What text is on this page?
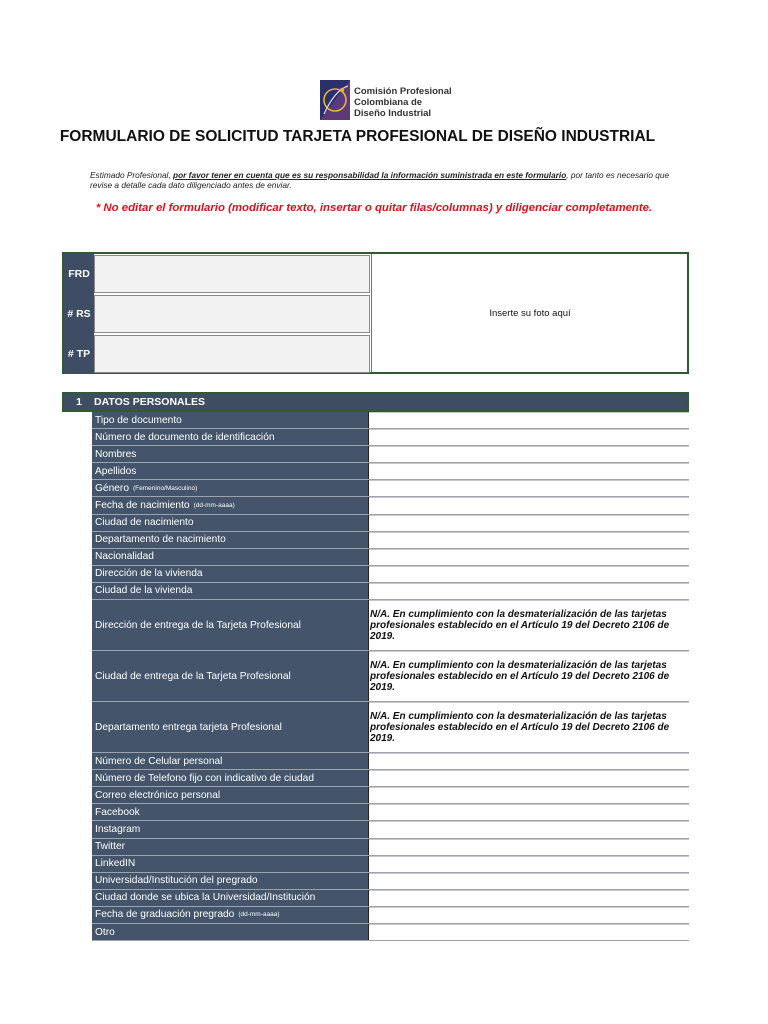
Comisión Profesional
Colombiana de
Diseño Industrial
FORMULARIO DE SOLICITUD TARJETA PROFESIONAL DE DISEÑO INDUSTRIAL
Estimado Profesional, por favor tener en cuenta que es su responsabilidad la información suministrada en este formulario, por tanto es necesario que revise a detalle cada dato diligenciado antes de enviar.
* No editar el formulario (modificar texto, insertar o quitar filas/columnas) y diligenciar completamente.
FRD
# RS
# TP
Inserte su foto aquí
1	DATOS PERSONALES
Tipo de documento
Número de documento de identificación
Nombres
Apellidos
Género (Femenino/Masculino)
Fecha de nacimiento (dd-mm-aaaa)
Ciudad de nacimiento
Departamento de nacimiento
Nacionalidad
Dirección de la vivienda
Ciudad de la vivienda
Dirección de entrega de la Tarjeta Profesional
N/A. En cumplimiento con la desmaterialización de las tarjetas profesionales establecido en el Artículo 19 del Decreto 2106 de 2019.
Ciudad de entrega de la Tarjeta Profesional
N/A. En cumplimiento con la desmaterialización de las tarjetas profesionales establecido en el Artículo 19 del Decreto 2106 de 2019.
Departamento entrega tarjeta Profesional
N/A. En cumplimiento con la desmaterialización de las tarjetas profesionales establecido en el Artículo 19 del Decreto 2106 de 2019.
Número de Celular personal
Número de Telefono fijo con indicativo de ciudad
Correo electrónico personal
Facebook
Instagram
Twitter
LinkedIN
Universidad/Institución del pregrado
Ciudad donde se ubica la Universidad/Institución
Fecha de graduación pregrado (dd-mm-aaaa)
Otro
